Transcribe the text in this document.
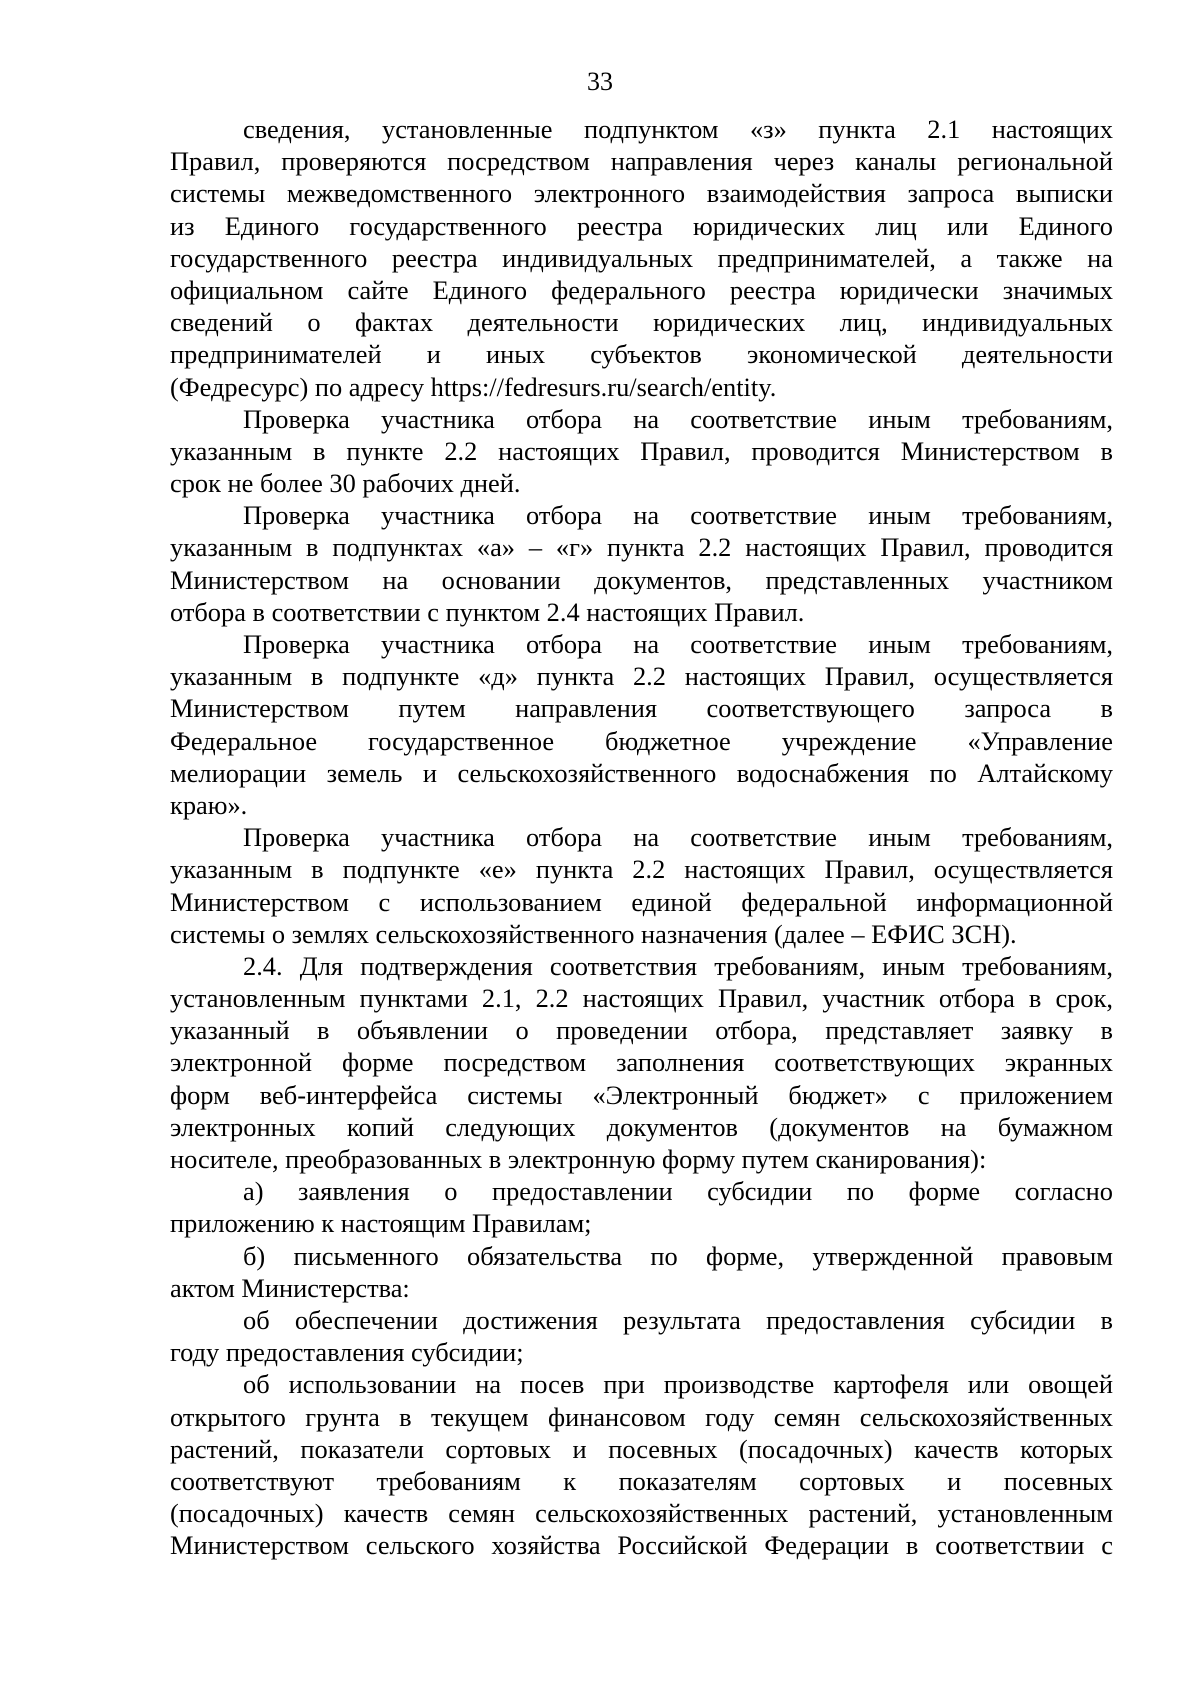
33
сведения, установленные подпунктом «з» пункта 2.1 настоящих
Правил, проверяются посредством направления через каналы региональной
системы межведомственного электронного взаимодействия запроса выписки
из Единого государственного реестра юридических лиц или Единого
государственного реестра индивидуальных предпринимателей, а также на
официальном сайте Единого федерального реестра юридически значимых
сведений о фактах деятельности юридических лиц, индивидуальных
предпринимателей и иных субъектов экономической деятельности
(Федресурс) по адресу https://fedresurs.ru/search/entity.
Проверка участника отбора на соответствие иным требованиям,
указанным в пункте 2.2 настоящих Правил, проводится Министерством в
срок не более 30 рабочих дней.
Проверка участника отбора на соответствие иным требованиям,
указанным в подпунктах «а» – «г» пункта 2.2 настоящих Правил, проводится
Министерством на основании документов, представленных участником
отбора в соответствии с пунктом 2.4 настоящих Правил.
Проверка участника отбора на соответствие иным требованиям,
указанным в подпункте «д» пункта 2.2 настоящих Правил, осуществляется
Министерством путем направления соответствующего запроса в
Федеральное государственное бюджетное учреждение «Управление
мелиорации земель и сельскохозяйственного водоснабжения по Алтайскому
краю».
Проверка участника отбора на соответствие иным требованиям,
указанным в подпункте «е» пункта 2.2 настоящих Правил, осуществляется
Министерством с использованием единой федеральной информационной
системы о землях сельскохозяйственного назначения (далее – ЕФИС ЗСН).
2.4. Для подтверждения соответствия требованиям, иным требованиям,
установленным пунктами 2.1, 2.2 настоящих Правил, участник отбора в срок,
указанный в объявлении о проведении отбора, представляет заявку в
электронной форме посредством заполнения соответствующих экранных
форм веб-интерфейса системы «Электронный бюджет» с приложением
электронных копий следующих документов (документов на бумажном
носителе, преобразованных в электронную форму путем сканирования):
а) заявления о предоставлении субсидии по форме согласно
приложению к настоящим Правилам;
б) письменного обязательства по форме, утвержденной правовым
актом Министерства:
об обеспечении достижения результата предоставления субсидии в
году предоставления субсидии;
об использовании на посев при производстве картофеля или овощей
открытого грунта в текущем финансовом году семян сельскохозяйственных
растений, показатели сортовых и посевных (посадочных) качеств которых
соответствуют требованиям к показателям сортовых и посевных
(посадочных) качеств семян сельскохозяйственных растений, установленным
Министерством сельского хозяйства Российской Федерации в соответствии с
